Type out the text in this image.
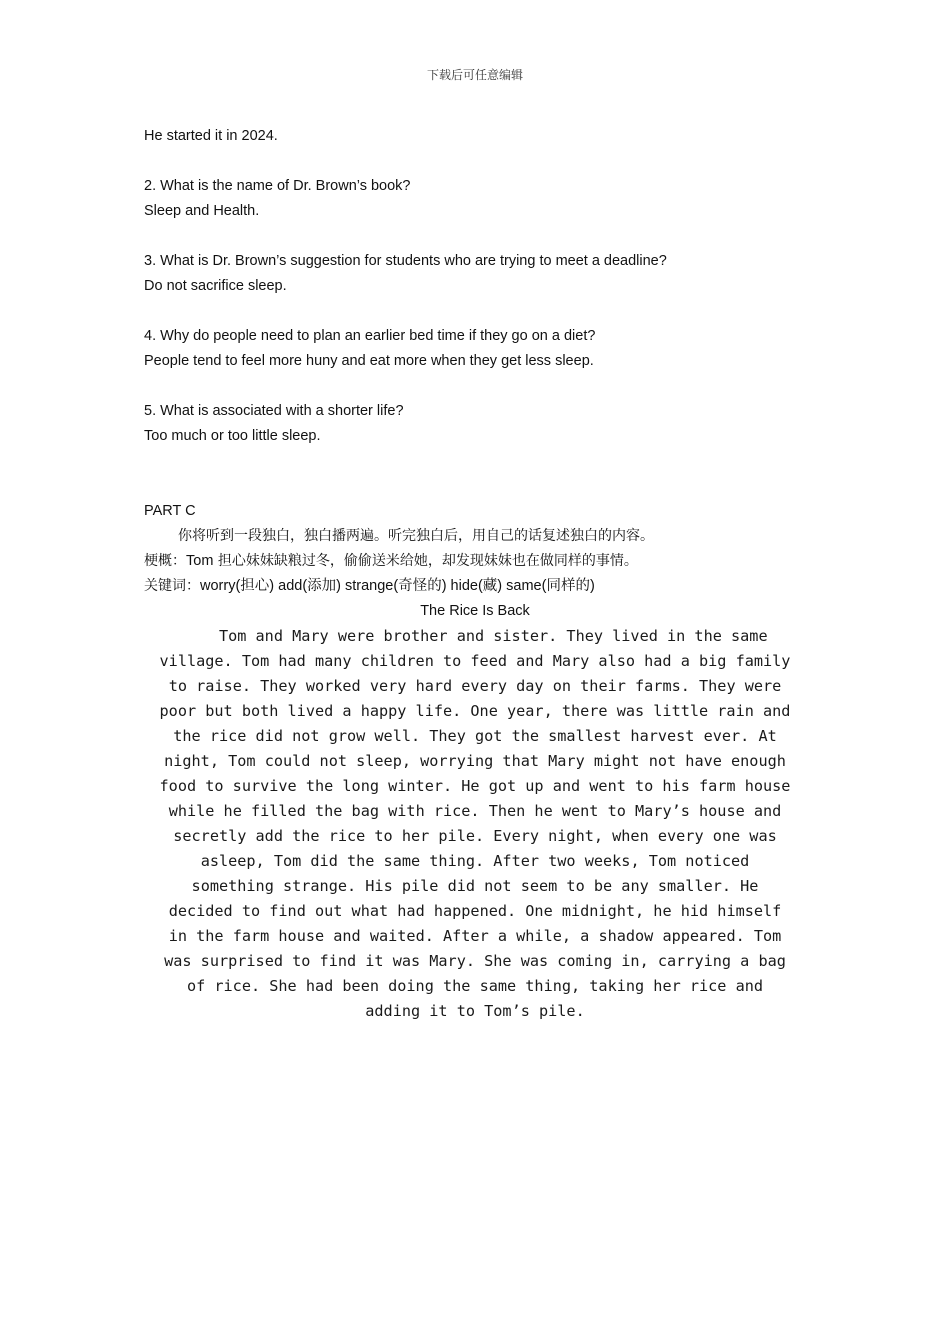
下载后可任意编辑
He started it in 2024.
2. What is the name of Dr. Brown’s book?
Sleep and Health.
3. What is Dr. Brown’s suggestion for students who are trying to meet a deadline?
Do not sacrifice sleep.
4. Why do people need to plan an earlier bed time if they go on a diet?
People tend to feel more huny and eat more when they get less sleep.
5. What is associated with a shorter life?
Too much or too little sleep.
PART C
你将听到一段独白，独白播两遍。听完独白后，用自己的话复述独白的内容。
梗概：Tom 担心妹妹缺粮过冬，偷偷送米给她，却发现妹妹也在做同样的事情。
关键词：worry(担心) add(添加) strange(奇怪的) hide(藏) same(同样的)
The Rice Is Back
Tom and Mary were brother and sister. They lived in the same
village. Tom had many children to feed and Mary also had a big family
to raise. They worked very hard every day on their farms. They were
poor but both lived a happy life. One year, there was little rain and
the rice did not grow well. They got the smallest harvest ever. At
night, Tom could not sleep, worrying that Mary might not have enough
food to survive the long winter. He got up and went to his farm house
while he filled the bag with rice. Then he went to Mary’s house and
secretly add the rice to her pile. Every night, when every one was
asleep, Tom did the same thing. After two weeks, Tom noticed
something strange. His pile did not seem to be any smaller. He
decided to find out what had happened. One midnight, he hid himself
in the farm house and waited. After a while, a shadow appeared. Tom
was surprised to find it was Mary. She was coming in, carrying a bag
of rice. She had been doing the same thing, taking her rice and
adding it to Tom’s pile.
